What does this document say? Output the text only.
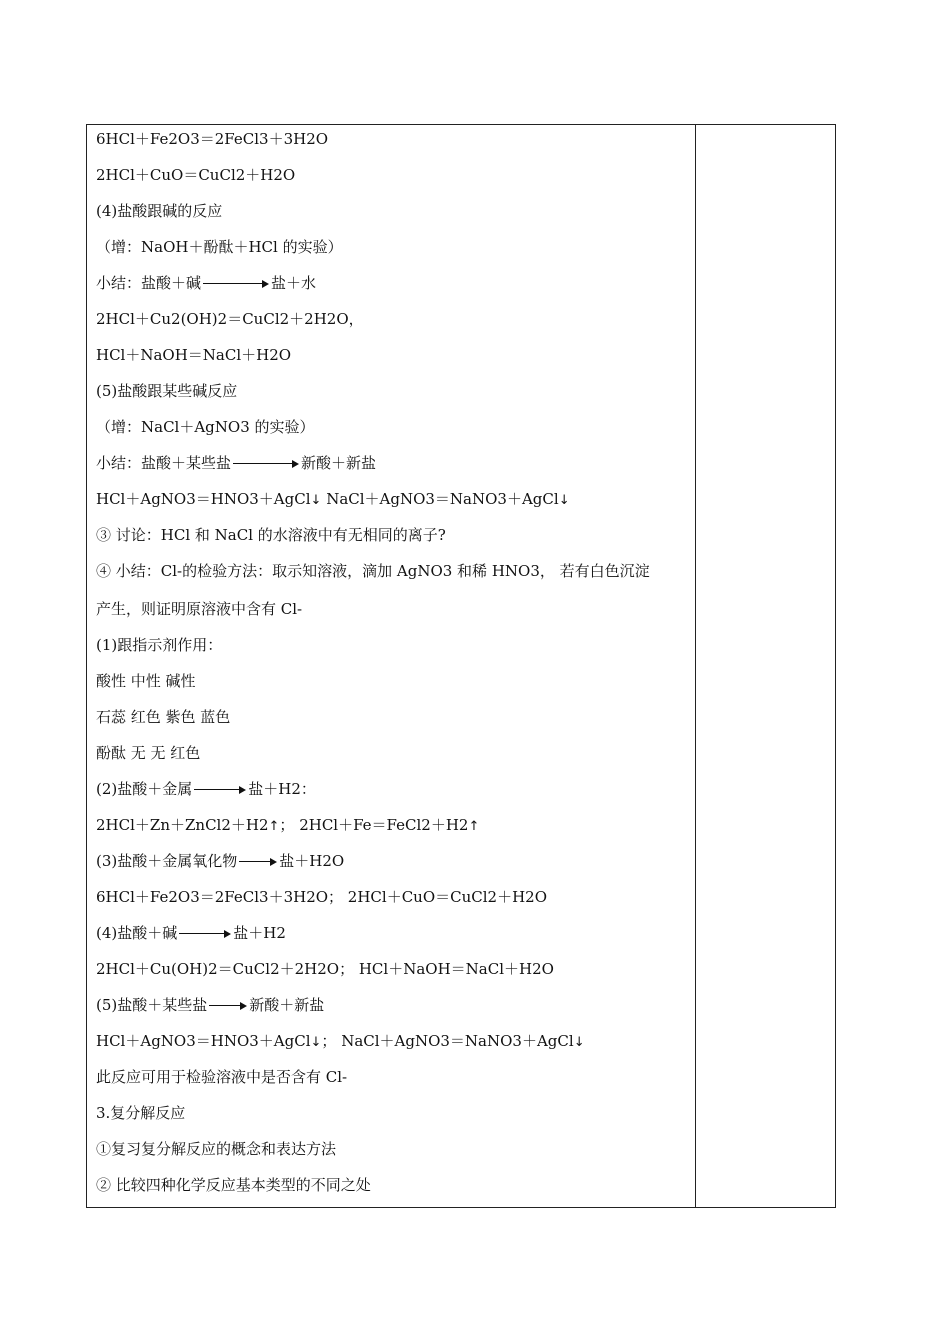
6HCl＋Fe2O3＝2FeCl3＋3H2O
2HCl＋CuO＝CuCl2＋H2O
(4)盐酸跟碱的反应
（增：NaOH＋酚酞＋HCl 的实验）
小结：盐酸＋碱	盐＋水
2HCl＋Cu2(OH)2＝CuCl2＋2H2O，
HCl＋NaOH＝NaCl＋H2O
(5)盐酸跟某些碱反应
（增：NaCl＋AgNO3 的实验）
小结：盐酸＋某些盐	新酸＋新盐
HCl＋AgNO3＝HNO3＋AgCl↓ NaCl＋AgNO3＝NaNO3＋AgCl↓
③ 讨论：HCl 和 NaCl 的水溶液中有无相同的离子?
④ 小结：Cl-的检验方法：取示知溶液，滴加 AgNO3 和稀 HNO3， 若有白色沉淀
产生，则证明原溶液中含有 Cl-
(1)跟指示剂作用：
酸性 中性 碱性
石蕊 红色 紫色 蓝色
酚酞 无 无 红色
(2)盐酸＋金属	盐＋H2：
2HCl＋Zn＋ZnCl2＋H2↑； 2HCl＋Fe＝FeCl2＋H2↑
(3)盐酸＋金属氧化物	盐＋H2O
6HCl＋Fe2O3＝2FeCl3＋3H2O； 2HCl＋CuO＝CuCl2＋H2O
(4)盐酸＋碱	盐＋H2
2HCl＋Cu(OH)2＝CuCl2＋2H2O； HCl＋NaOH＝NaCl＋H2O
(5)盐酸＋某些盐	新酸＋新盐
HCl＋AgNO3＝HNO3＋AgCl↓； NaCl＋AgNO3＝NaNO3＋AgCl↓
此反应可用于检验溶液中是否含有 Cl-
3.复分解反应
①复习复分解反应的概念和表达方法
② 比较四种化学反应基本类型的不同之处
